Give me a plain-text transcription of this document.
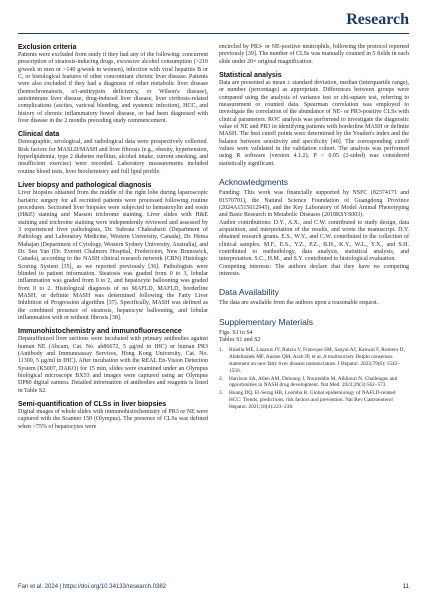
Research
Exclusion criteria

Patients were excluded from study if they had any of the following: concurrent prescription of steatosis-inducing drugs, excessive alcohol consumption (>210 g/week in men or >140 g/week in women), infection with viral hepatitis B or C, or histological features of other concomitant chronic liver disease. Patients were also excluded if they had a diagnosis of other metabolic liver disease (hemochromatosis, α1-antitrypsin deficiency, or Wilson's disease), autoimmune liver disease, drug-induced liver disease, liver cirrhosis-related complications (ascites, variceal bleeding, and systemic infection), HCC, and history of chronic inflammatory bowel disease, or had been diagnosed with liver disease in the 2 months preceding study commencement.

Clinical data

Demographic, serological, and radiological data were prospectively collected. Risk factors for MASLD/MASH and liver fibrosis (e.g., obesity, hypertension, hyperlipidemia, type 2 diabetes mellitus, alcohol intake, current smoking, and insufficient exercise) were recorded. Laboratory measurements included routine blood tests, liver biochemistry and full lipid profile.

Liver biopsy and pathological diagnosis

Liver biopsies obtained from the middle of the right lobe during laparoscopic bariatric surgery for all recruited patients were processed following routine procedures. Sectioned liver biopsies were subjected to hematoxylin and eosin (H&E) staining and Masson trichrome staining. Liver slides with H&E staining and trichrome staining were independently reviewed and assessed by 3 experienced liver pathologists, Dr. Subrata Chakrabarti (Department of Pathology and Laboratory Medicine, Western University, Canada), Dr. Hema Mahajan (Department of Cytology, Western Sydney University, Australia), and Dr. Sen Yan (Dr. Everett Chalmers Hospital, Fredericton, New Brunswick, Canada), according to the NASH clinical research network (CRN) Histologic Scoring System [35], as we reported previously [36]. Pathologists were blinded to patient information. Steatosis was graded from 0 to 3, lobular inflammation was graded from 0 to 2, and hepatocyte ballooning was graded from 0 to 2. Histological diagnosis of no MAFLD, MAFLD, borderline MASH, or definite MASH was determined following the Fatty Liver Inhibition of Progression algorithm [37]. Specifically, MASH was defined as the combined presence of steatosis, hepatocyte ballooning, and lobular inflammation with or without fibrosis [38].

Immunohistochemistry and immunofluorescence

Deparaffinized liver sections were incubated with primary antibodies against human NE (Abcam, Cat. No. ab86672, 5 μg/ml in IHC) or human PR3 (Antibody and Immunoassay Services, Hong Kong University, Cat. No. 11300, 5 μg/ml in IHC). After incubation with the REAL En-Vision Detection System (K5007, DAKO) for 15 min, slides were examined under an Olympus biological microscope BX53 and images were captured using an Olympus DP80 digital camera. Detailed information of antibodies and reagents is listed in Table S2.

Semi-quantification of CLSs in liver biopsies

Digital images of whole slides with immunohistochemistry of PR3 or NE were captured with the Scanner 150 (Olympus). The presence of CLSs was defined when >75% of hepatocytes were

encircled by PR3- or NE-positive neutrophils, following the protocol reported previously [39]. The number of CLSs was manually counted in 5 fields in each slide under 20× original magnification.

Statistical analysis

Data are presented as mean ± standard deviation, median (interquartile range), or number (percentage) as appropriate. Differences between groups were compared using the analysis of variance test or chi-square test, referring to measurement or counted data. Spearman correlation was employed to investigate the correlation of the abundance of NE- or PR3-positive CLSs with clinical parameters. ROC analysis was performed to investigate the diagnostic value of NE and PR3 in identifying patients with borderline MASH or definite MASH. The best cutoff points were determined by the Youden's index and the balance between sensitivity and specificity [40]. The corresponding cutoff values were validated in the validation cohort. The analysis was performed using R software (version 4.1.2). P < 0.05 (2-sided) was considered statistically significant.

Acknowledgments

Funding: This work was financially supported by NSFC (82374171 and 81570701), the Natural Science Foundation of Guangdong Province (2024A1515012945), and the Key Laboratory of Model Animal Phenotyping and Basic Research in Metabolic Diseases (2018KSYS003).

Author contributions: D.Y., A.X., and C.W. contributed to study design, data acquisition, and interpretation of the results, and wrote the manuscript. D.Y. obtained research grants. E.S., W.Y., and C.W. contributed to the collection of clinical samples. M.F., E.S., Y.Z., P.Z., B.H., K.Y., W.L., Y.X., and S.H. contributed to methodology, data analysis, statistical analysis, and interpretation. S.C., H.M., and S.Y. contributed to histological evaluation.

Competing interests: The authors declare that they have no competing interests.

Data Availability

The data are available from the authors upon a reasonable request.

Supplementary Materials

Figs. S1 to S4

Tables S1 and S2

1.	Rinella ME, Lazarus JV, Ratziu V, Francque SM, Sanyal AJ, Kanwal F, Romero D, Abdelmalek MF, Anstee QM, Arab JP, et al. A multisociety Delphi consensus statement on new fatty liver disease nomenclature. J Hepatol. 2023;79(6): 1542–1556.
2.	Harrison SA, Allen AM, Dubourg J, Noureddin M, Alkhouri N. Challenges and opportunities in NASH drug development. Nat Med. 2023;29(3):562–573.
3.	Huang DQ, El-Serag HB, Loomba R. Global epidemiology of NAFLD-related HCC: Trends, predictions, risk factors and prevention. Nat Rev Gastroenterol Hepatol. 2021;18(4):223–238.
Fan et al. 2024 | https://doi.org/10.34133/research.0382	11
